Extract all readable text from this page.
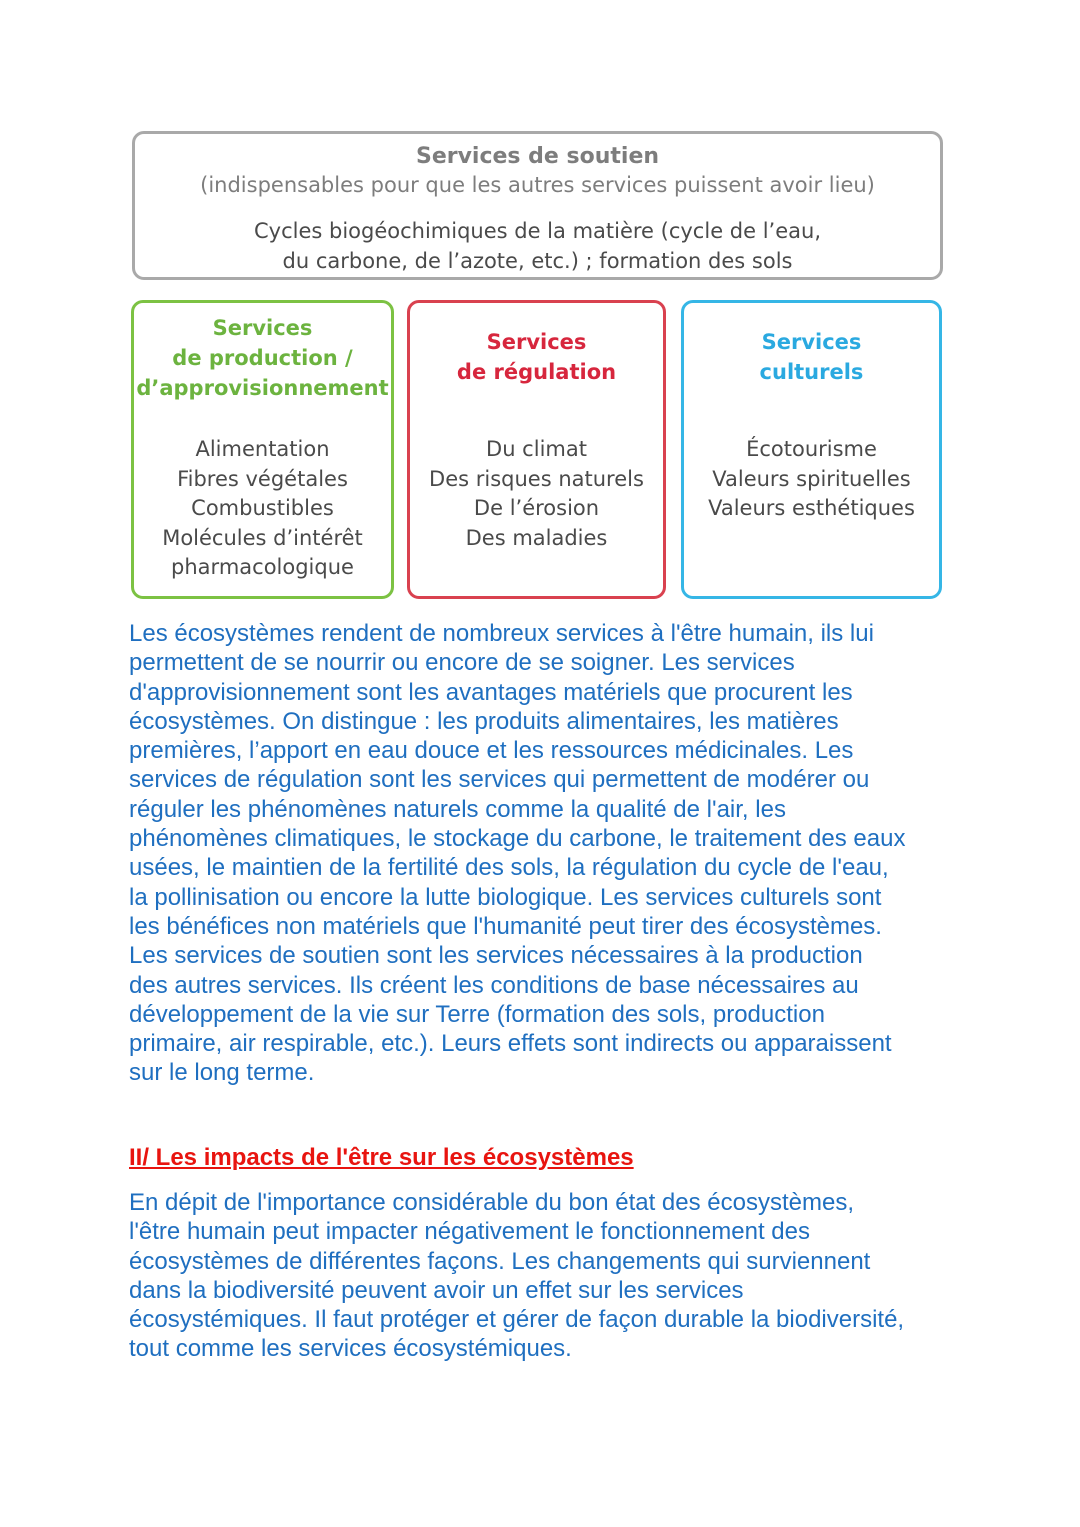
Services de soutien
(indispensables pour que les autres services puissent avoir lieu)
Cycles biogéochimiques de la matière (cycle de l’eau,
du carbone, de l’azote, etc.) ; formation des sols
Services
de production /
d’approvisionnement
Alimentation
Fibres végétales
Combustibles
Molécules d’intérêt
pharmacologique
Services
de régulation
Du climat
Des risques naturels
De l’érosion
Des maladies
Services
culturels
Écotourisme
Valeurs spirituelles
Valeurs esthétiques
Les écosystèmes rendent de nombreux services à l'être humain, ils lui
permettent de se nourrir ou encore de se soigner. Les services
d'approvisionnement sont les avantages matériels que procurent les
écosystèmes. On distingue : les produits alimentaires, les matières
premières, l’apport en eau douce et les ressources médicinales. Les
services de régulation sont les services qui permettent de modérer ou
réguler les phénomènes naturels comme la qualité de l'air, les
phénomènes climatiques, le stockage du carbone, le traitement des eaux
usées, le maintien de la fertilité des sols, la régulation du cycle de l'eau,
la pollinisation ou encore la lutte biologique. Les services culturels sont
les bénéfices non matériels que l'humanité peut tirer des écosystèmes.
Les services de soutien sont les services nécessaires à la production
des autres services. Ils créent les conditions de base nécessaires au
développement de la vie sur Terre (formation des sols, production
primaire, air respirable, etc.). Leurs effets sont indirects ou apparaissent
sur le long terme.
II/ Les impacts de l'être sur les écosystèmes
En dépit de l'importance considérable du bon état des écosystèmes,
l'être humain peut impacter négativement le fonctionnement des
écosystèmes de différentes façons. Les changements qui surviennent
dans la biodiversité peuvent avoir un effet sur les services
écosystémiques. Il faut protéger et gérer de façon durable la biodiversité,
tout comme les services écosystémiques.
